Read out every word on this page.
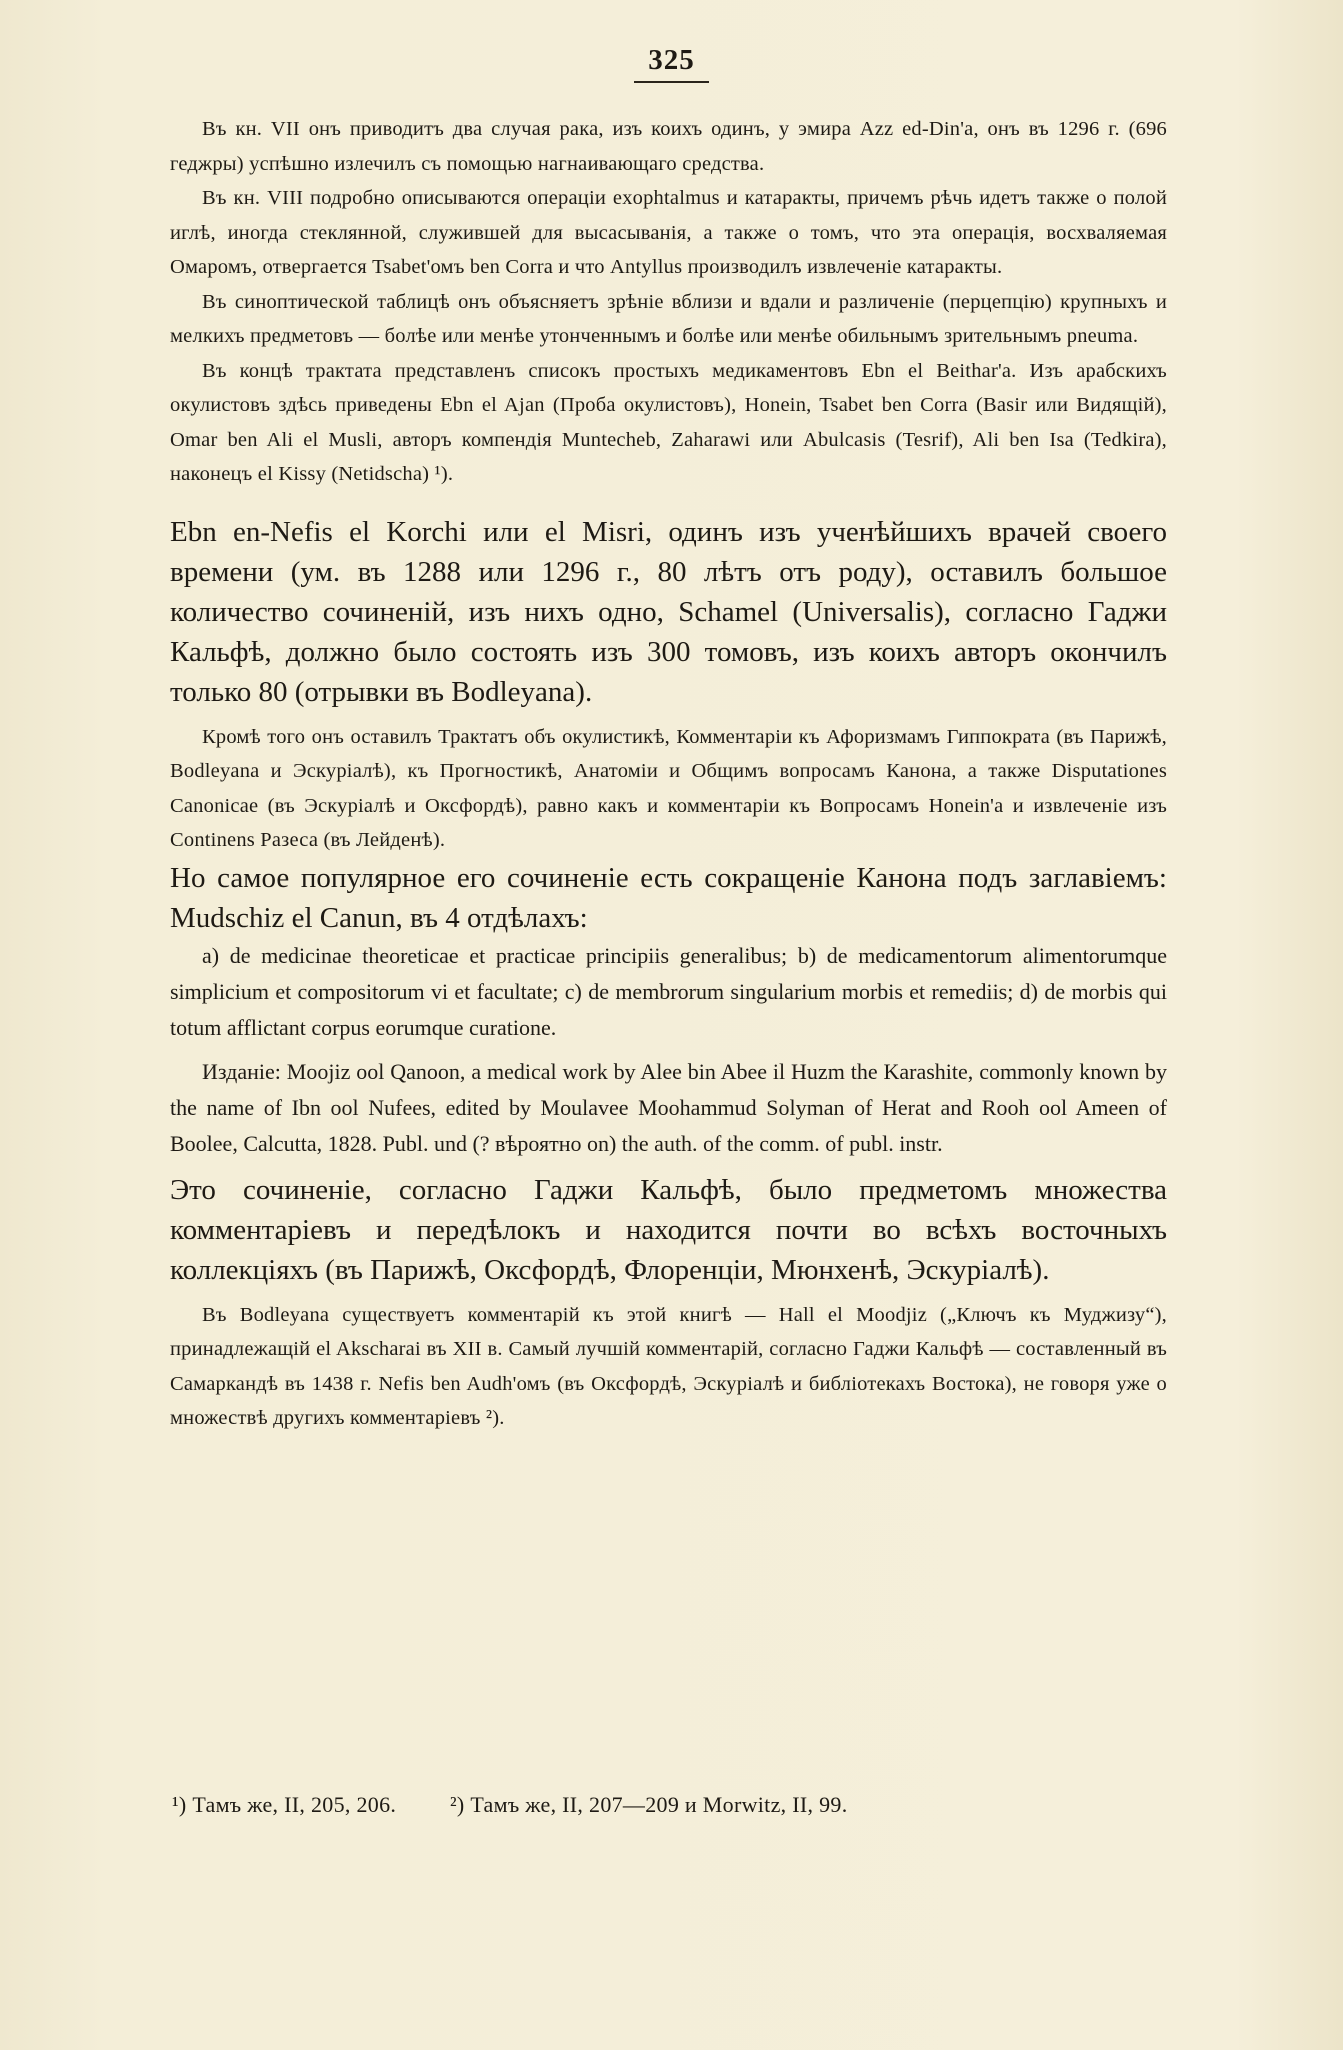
325

Въ кн. VII онъ приводитъ два случая рака, изъ коихъ одинъ, у эмира Azz ed-Din'a, онъ въ 1296 г. (696 геджры) успѣшно излечилъ съ помощью нагнаивающаго средства.

Въ кн. VIII подробно описываются операціи exophtalmus и катаракты, причемъ рѣчь идетъ также о полой иглѣ, иногда стеклянной, служившей для высасыванія, а также о томъ, что эта операція, восхваляемая Омаромъ, отвергается Tsabet'омъ ben Corra и что Antyllus производилъ извлеченіе катаракты.

Въ синоптической таблицѣ онъ объясняетъ зрѣніе вблизи и вдали и различеніе (перцепцію) крупныхъ и мелкихъ предметовъ — болѣе или менѣе утонченнымъ и болѣе или менѣе обильнымъ зрительнымъ pneuma.

Въ концѣ трактата представленъ списокъ простыхъ медикаментовъ Ebn el Beithar'a. Изъ арабскихъ окулистовъ здѣсь приведены Ebn el Ajan (Проба окулистовъ), Honein, Tsabet ben Corra (Basir или Видящій), Omar ben Ali el Musli, авторъ компендія Muntecheb, Zaharawi или Abulcasis (Tesrif), Ali ben Isa (Tedkira), наконецъ el Kissy (Netidscha) ¹).

Ebn en-Nefis el Korchi или el Misri, одинъ изъ ученѣйшихъ врачей своего времени (ум. въ 1288 или 1296 г., 80 лѣтъ отъ роду), оставилъ большое количество сочиненій, изъ нихъ одно, Schamel (Universalis), согласно Гаджи Кальфѣ, должно было состоять изъ 300 томовъ, изъ коихъ авторъ окончилъ только 80 (отрывки въ Bodleyana).

Кромѣ того онъ оставилъ Трактатъ объ окулистикѣ, Комментаріи къ Афоризмамъ Гиппократа (въ Парижѣ, Bodleyana и Эскуріалѣ), къ Прогностикѣ, Анатоміи и Общимъ вопросамъ Канона, а также Disputationes Canonicae (въ Эскуріалѣ и Оксфордѣ), равно какъ и комментаріи къ Вопросамъ Honein'a и извлеченіе изъ Continens Разеса (въ Лейденѣ).

Но самое популярное его сочиненіе есть сокращеніе Канона подъ заглавіемъ: Mudschiz el Canun, въ 4 отдѣлахъ:

a) de medicinae theoreticae et practicae principiis generalibus; b) de medicamentorum alimentorumque simplicium et compositorum vi et facultate; c) de membrorum singularium morbis et remediis; d) de morbis qui totum afflictant corpus eorumque curatione.

Изданіе: Moojiz ool Qanoon, a medical work by Alee bin Abee il Huzm the Karashite, commonly known by the name of Ibn ool Nufees, edited by Moulavee Moohammud Solyman of Herat and Rooh ool Ameen of Boolee, Calcutta, 1828. Publ. und (? вѣроятно on) the auth. of the comm. of publ. instr.

Это сочиненіе, согласно Гаджи Кальфѣ, было предметомъ множества комментаріевъ и передѣлокъ и находится почти во всѣхъ восточныхъ коллекціяхъ (въ Парижѣ, Оксфордѣ, Флоренціи, Мюнхенѣ, Эскуріалѣ).

Въ Bodleyana существуетъ комментарій къ этой книгѣ — Hall el Moodjiz („Ключъ къ Муджизу“), принадлежащій el Akscharai въ XII в. Самый лучшій комментарій, согласно Гаджи Кальфѣ — составленный въ Самаркандѣ въ 1438 г. Nefis ben Audh'омъ (въ Оксфордѣ, Эскуріалѣ и библіотекахъ Востока), не говоря уже о множествѣ другихъ комментаріевъ ²).

¹) Тамъ же, II, 205, 206. ²) Тамъ же, II, 207—209 и Morwitz, II, 99.
